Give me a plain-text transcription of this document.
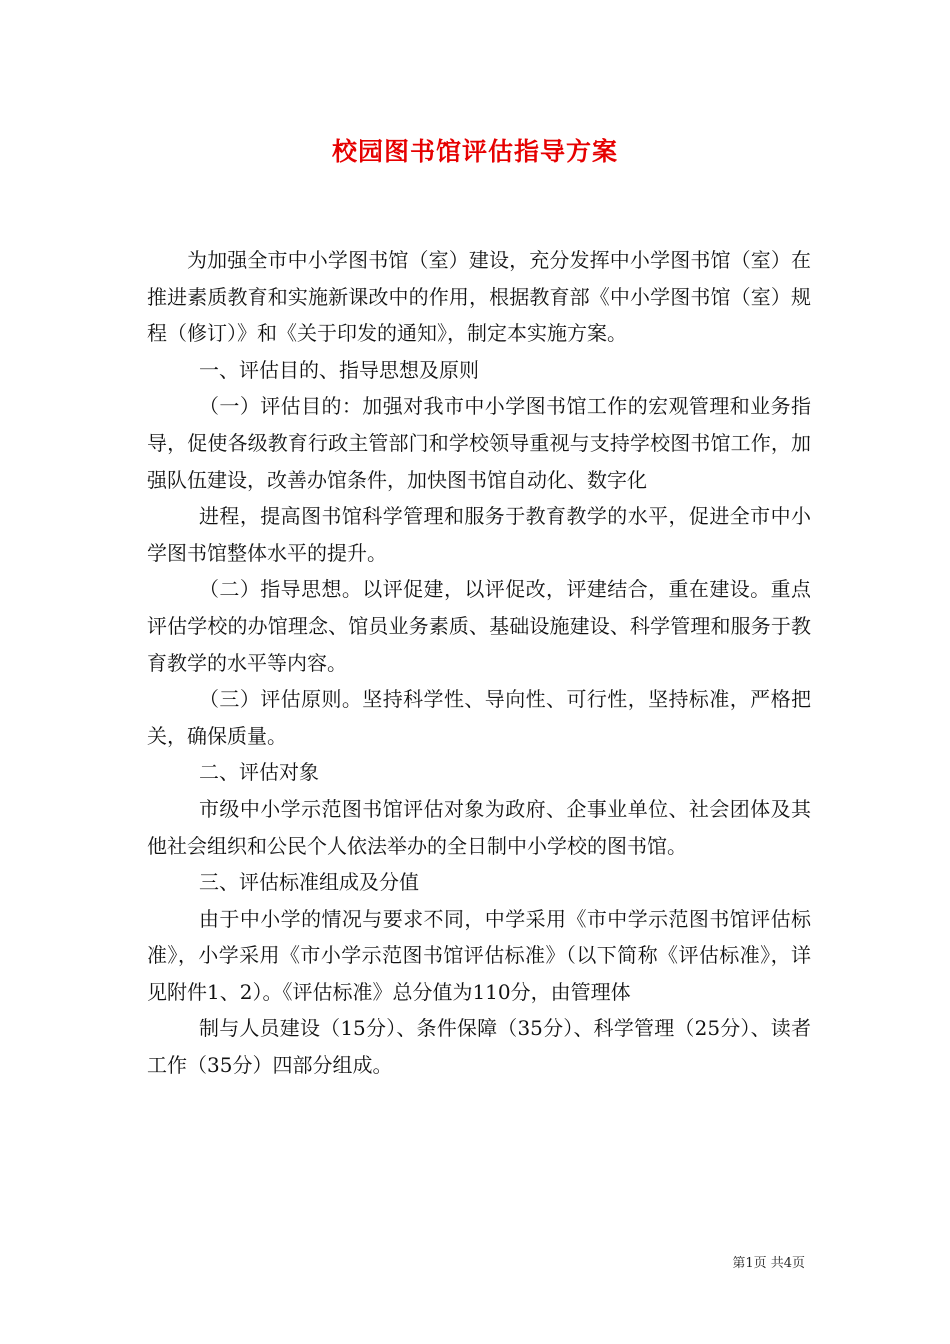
校园图书馆评估指导方案

为加强全市中小学图书馆（室）建设，充分发挥中小学图书馆（室）在推进素质教育和实施新课改中的作用，根据教育部《中小学图书馆（室）规程（修订）》和《关于印发的通知》，制定本实施方案。

一、评估目的、指导思想及原则

（一）评估目的：加强对我市中小学图书馆工作的宏观管理和业务指导，促使各级教育行政主管部门和学校领导重视与支持学校图书馆工作，加强队伍建设，改善办馆条件，加快图书馆自动化、数字化

进程，提高图书馆科学管理和服务于教育教学的水平，促进全市中小学图书馆整体水平的提升。

（二）指导思想。以评促建，以评促改，评建结合，重在建设。重点评估学校的办馆理念、馆员业务素质、基础设施建设、科学管理和服务于教育教学的水平等内容。

（三）评估原则。坚持科学性、导向性、可行性，坚持标准，严格把关，确保质量。

二、评估对象

市级中小学示范图书馆评估对象为政府、企事业单位、社会团体及其他社会组织和公民个人依法举办的全日制中小学校的图书馆。

三、评估标准组成及分值

由于中小学的情况与要求不同，中学采用《市中学示范图书馆评估标准》，小学采用《市小学示范图书馆评估标准》（以下简称《评估标准》，详见附件1、2）。《评估标准》总分值为110分，由管理体

制与人员建设（15分）、条件保障（35分）、科学管理（25分）、读者工作（35分）四部分组成。

第1页 共4页
